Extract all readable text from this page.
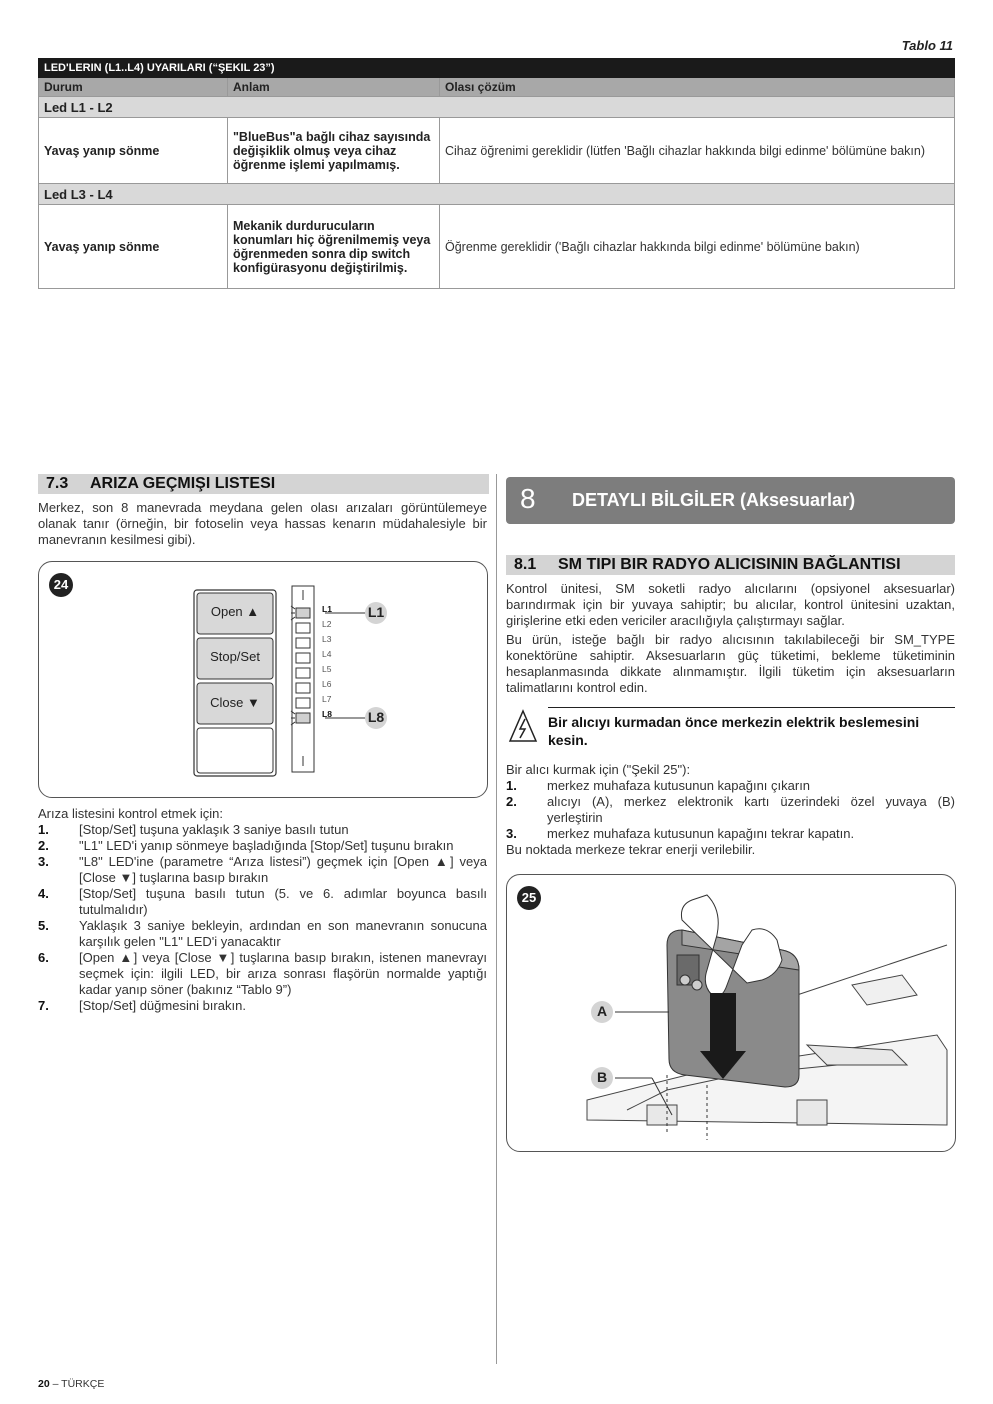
Tablo 11
LED'LERIN (L1..L4) UYARILARI (“ŞEKIL 23”)		
Durum	Anlam	Olası çözüm
Led L1 - L2		
Yavaş yanıp sönme	"BlueBus"a bağlı cihaz sayısında değişiklik olmuş veya cihaz öğrenme işlemi yapılmamış.	Cihaz öğrenimi gereklidir (lütfen 'Bağlı cihazlar hakkında bilgi edinme' bölümüne bakın)
Led L3 - L4		
Yavaş yanıp sönme	Mekanik durdurucuların konumları hiç öğrenilmemiş veya öğrenmeden sonra dip switch konfigürasyonu değiştirilmiş.	Öğrenme gereklidir ('Bağlı cihazlar hakkında bilgi edinme' bölümüne bakın)
7.3 ARIZA GEÇMIŞI LISTESI
Merkez, son 8 manevrada meydana gelen olası arızaları görüntülemeye olanak tanır (örneğin, bir fotoselin veya hassas kenarın müdahalesiyle bir manevranın kesilmesi gibi).
24
Open ▲
Stop/Set
Close ▼
L1
L2
L3
L4
L5
L6
L7
L8
L1
L8
Arıza listesini kontrol etmek için:
1. [Stop/Set] tuşuna yaklaşık 3 saniye basılı tutun
2. "L1" LED'i yanıp sönmeye başladığında [Stop/Set] tuşunu bırakın
3. "L8" LED'ine (parametre “Arıza listesi”) geçmek için [Open ▲] veya [Close ▼] tuşlarına basıp bırakın
4. [Stop/Set] tuşuna basılı tutun (5. ve 6. adımlar boyunca basılı tutulmalıdır)
5. Yaklaşık 3 saniye bekleyin, ardından en son manevranın sonucuna karşılık gelen "L1" LED'i yanacaktır
6. [Open ▲] veya [Close ▼] tuşlarına basıp bırakın, istenen manevrayı seçmek için: ilgili LED, bir arıza sonrası flaşörün normalde yaptığı kadar yanıp söner (bakınız “Tablo 9”)
7. [Stop/Set] düğmesini bırakın.
8 DETAYLI BİLGİLER (Aksesuarlar)
8.1 SM TIPI BIR RADYO ALICISININ BAĞLANTISI
Kontrol ünitesi, SM soketli radyo alıcılarını (opsiyonel aksesuarlar) barındırmak için bir yuvaya sahiptir; bu alıcılar, kontrol ünitesini uzaktan, girişlerine etki eden vericiler aracılığıyla çalıştırmayı sağlar.
Bu ürün, isteğe bağlı bir radyo alıcısının takılabileceği bir SM_TYPE konektörüne sahiptir. Aksesuarların güç tüketimi, bekleme tüketiminin hesaplanmasında dikkate alınmamıştır. İlgili tüketim için aksesuarların talimatlarını kontrol edin.
Bir alıcıyı kurmadan önce merkezin elektrik beslemesini kesin.
Bir alıcı kurmak için ("Şekil 25"):
1. merkez muhafaza kutusunun kapağını çıkarın
2. alıcıyı (A), merkez elektronik kartı üzerindeki özel yuvaya (B) yerleştirin
3. merkez muhafaza kutusunun kapağını tekrar kapatın.
Bu noktada merkeze tekrar enerji verilebilir.
25
A
B
20 – TÜRKÇE
